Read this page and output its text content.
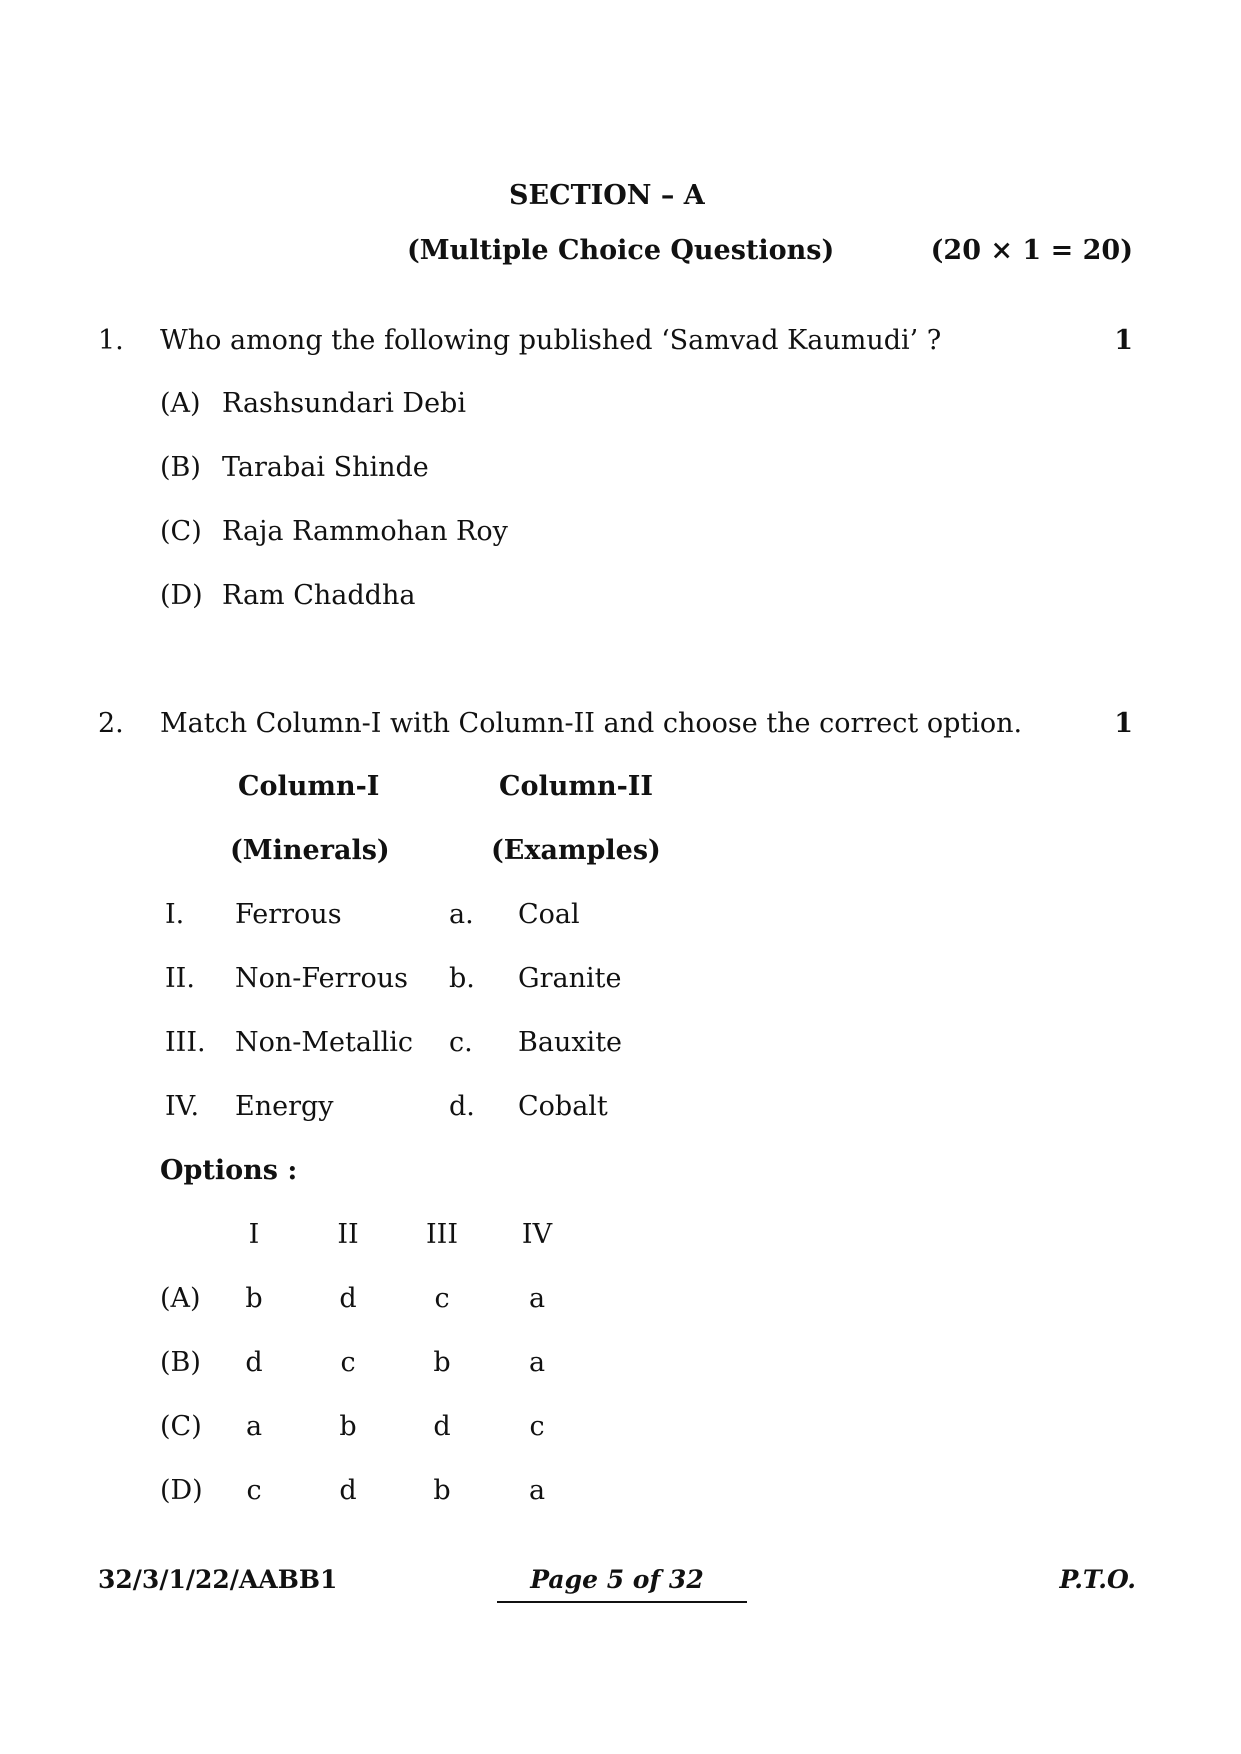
SECTION – A
(Multiple Choice Questions)	(20 × 1 = 20)
1. Who among the following published ‘Samvad Kaumudi’ ?	1
(A) Rashsundari Debi
(B) Tarabai Shinde
(C) Raja Rammohan Roy
(D) Ram Chaddha
2. Match Column-I with Column-II and choose the correct option.	1
Column-I	Column-II
(Minerals)	(Examples)
I. Ferrous	a. Coal
II. Non-Ferrous b. Granite
III. Non-Metallic c. Bauxite
IV. Energy	d. Cobalt
Options :
I	II III IV
(A) b	d	c	a
(B) d	c	b	a
(C) a	b	d	c
(D) c	d	b	a
32/3/1/22/AABB1	Page 5 of 32	P.T.O.
